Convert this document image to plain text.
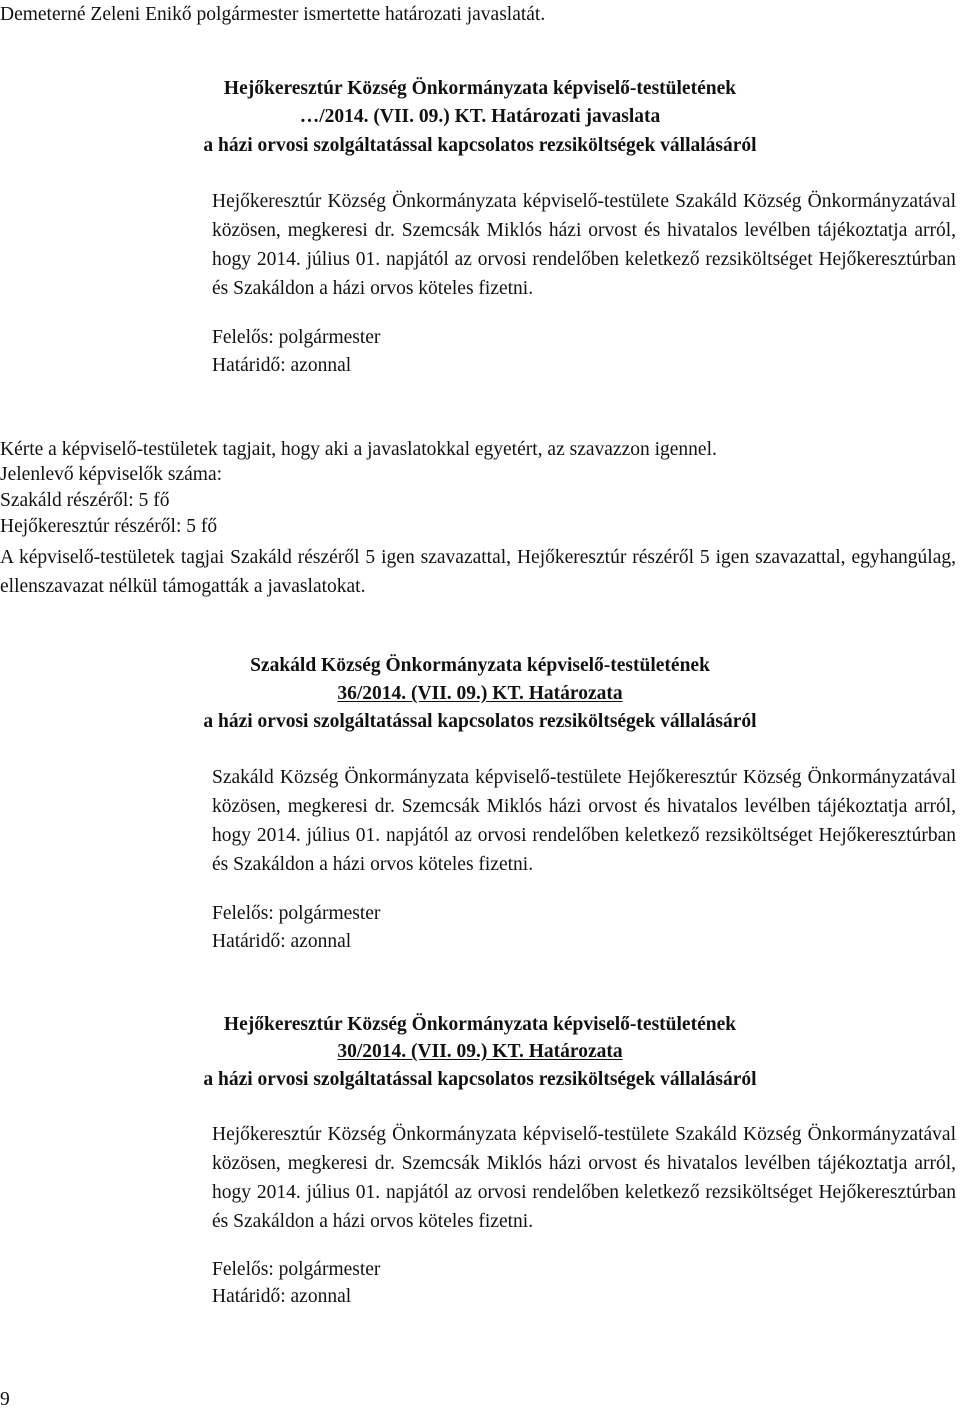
Demeterné Zeleni Enikő polgármester ismertette határozati javaslatát.
Hejőkeresztúr Község Önkormányzata képviselő-testületének
…/2014. (VII. 09.) KT. Határozati javaslata
a házi orvosi szolgáltatással kapcsolatos rezsiköltségek vállalásáról
Hejőkeresztúr Község Önkormányzata képviselő-testülete Szakáld Község Önkormányzatával közösen, megkeresi dr. Szemcsák Miklós házi orvost és hivatalos levélben tájékoztatja arról, hogy 2014. július 01. napjától az orvosi rendelőben keletkező rezsiköltséget Hejőkeresztúrban és Szakáldon a házi orvos köteles fizetni.
Felelős: polgármester
Határidő: azonnal
Kérte a képviselő-testületek tagjait, hogy aki a javaslatokkal egyetért, az szavazzon igennel.
Jelenlevő képviselők száma:
Szakáld részéről: 5 fő
Hejőkeresztúr részéről: 5 fő
A képviselő-testületek tagjai Szakáld részéről 5 igen szavazattal, Hejőkeresztúr részéről 5 igen szavazattal, egyhangúlag, ellenszavazat nélkül támogatták a javaslatokat.
Szakáld Község Önkormányzata képviselő-testületének
36/2014. (VII. 09.) KT. Határozata
a házi orvosi szolgáltatással kapcsolatos rezsiköltségek vállalásáról
Szakáld Község Önkormányzata képviselő-testülete Hejőkeresztúr Község Önkormányzatával közösen, megkeresi dr. Szemcsák Miklós házi orvost és hivatalos levélben tájékoztatja arról, hogy 2014. július 01. napjától az orvosi rendelőben keletkező rezsiköltséget Hejőkeresztúrban és Szakáldon a házi orvos köteles fizetni.
Felelős: polgármester
Határidő: azonnal
Hejőkeresztúr Község Önkormányzata képviselő-testületének
30/2014. (VII. 09.) KT. Határozata
a házi orvosi szolgáltatással kapcsolatos rezsiköltségek vállalásáról
Hejőkeresztúr Község Önkormányzata képviselő-testülete Szakáld Község Önkormányzatával közösen, megkeresi dr. Szemcsák Miklós házi orvost és hivatalos levélben tájékoztatja arról, hogy 2014. július 01. napjától az orvosi rendelőben keletkező rezsiköltséget Hejőkeresztúrban és Szakáldon a házi orvos köteles fizetni.
Felelős: polgármester
Határidő: azonnal
9
